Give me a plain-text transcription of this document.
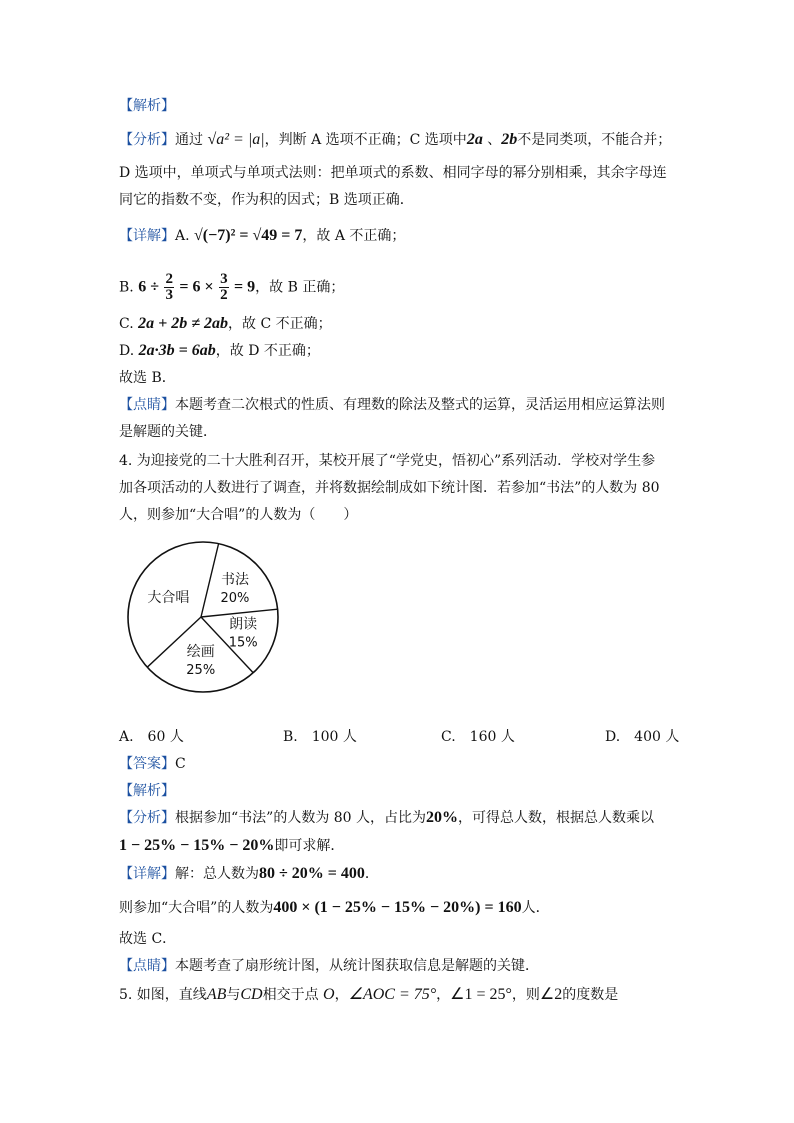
【解析】
【分析】通过 √a² = |a|，判断 A 选项不正确；C 选项中2a 、2b不是同类项，不能合并；
D 选项中，单项式与单项式法则：把单项式的系数、相同字母的幂分别相乘，其余字母连
同它的指数不变，作为积的因式；B 选项正确．
【详解】A. √(−7)² = √49 = 7，故 A 不正确；
B. $6 \div \frac{2}{3} = 6 \times \frac{3}{2} = 9$，故 B 正确；
C. 2a + 2b ≠ 2ab，故 C 不正确；
D. 2a·3b = 6ab，故 D 不正确；
故选 B．
【点睛】本题考查二次根式的性质、有理数的除法及整式的运算，灵活运用相应运算法则
是解题的关键．
4. 为迎接党的二十大胜利召开，某校开展了“学党史，悟初心”系列活动．学校对学生参
加各项活动的人数进行了调查，并将数据绘制成如下统计图．若参加“书法”的人数为 80
人，则参加“大合唱”的人数为（　　）
书法
20%
朗读
15%
绘画
25%
大合唱
A.　60 人	B.　100 人	C.　160 人	D.　400 人
【答案】C
【解析】
【分析】根据参加“书法”的人数为 80 人，占比为20%，可得总人数，根据总人数乘以
1 − 25% − 15% − 20%即可求解．
【详解】解：总人数为80 ÷ 20% = 400．
则参加“大合唱”的人数为400 × (1 − 25% − 15% − 20%) = 160人．
故选 C．
【点睛】本题考查了扇形统计图，从统计图获取信息是解题的关键．
5. 如图，直线AB与CD相交于点 O，∠AOC = 75°，∠1 = 25°，则∠2的度数是
